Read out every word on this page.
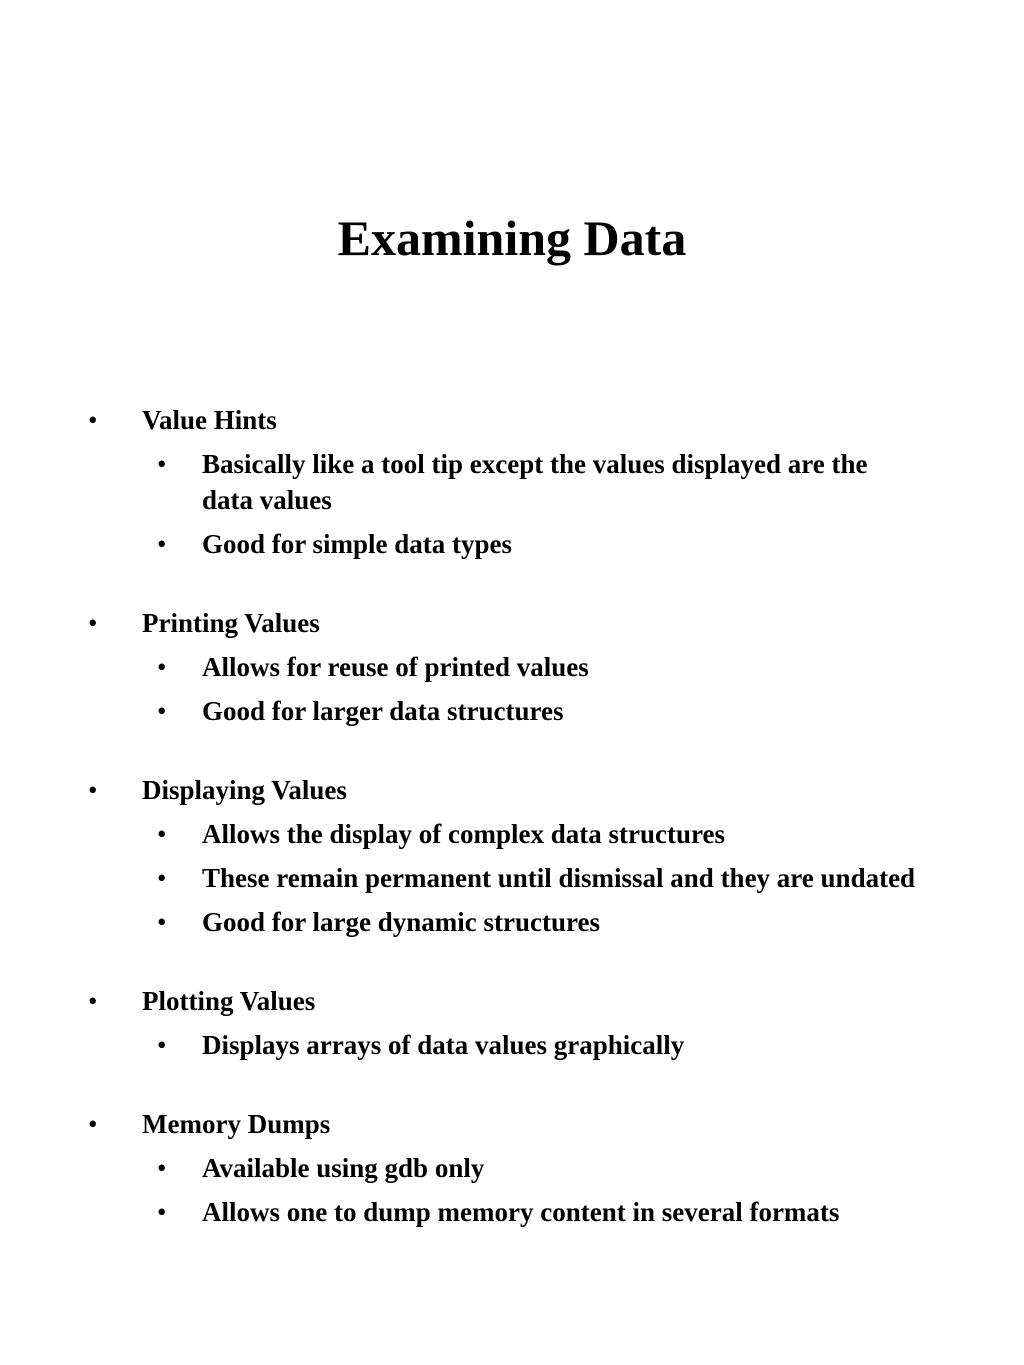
Examining Data
• Value Hints
• Basically like a tool tip except the values displayed are the data values
• Good for simple data types
• Printing Values
• Allows for reuse of printed values
• Good for larger data structures
• Displaying Values
• Allows the display of complex data structures
• These remain permanent until dismissal and they are undated
• Good for large dynamic structures
• Plotting Values
• Displays arrays of data values graphically
• Memory Dumps
• Available using gdb only
• Allows one to dump memory content in several formats
